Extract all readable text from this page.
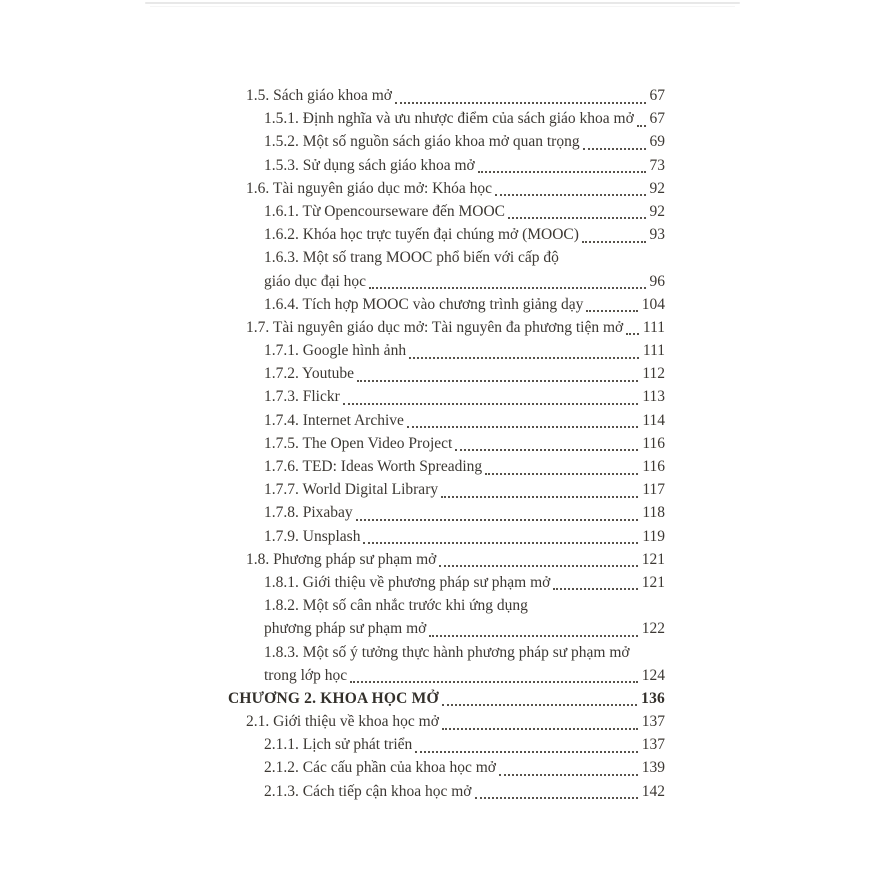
1.5. Sách giáo khoa mở	67
1.5.1. Định nghĩa và ưu nhược điểm của sách giáo khoa mở 67
1.5.2. Một số nguồn sách giáo khoa mở quan trọng	69
1.5.3. Sử dụng sách giáo khoa mở	73
1.6. Tài nguyên giáo dục mở: Khóa học	92
1.6.1. Từ Opencourseware đến MOOC	92
1.6.2. Khóa học trực tuyến đại chúng mở (MOOC)	93
1.6.3. Một số trang MOOC phổ biến với cấp độ
giáo dục đại học	96
1.6.4. Tích hợp MOOC vào chương trình giảng dạy	104
1.7. Tài nguyên giáo dục mở: Tài nguyên đa phương tiện mở 111
1.7.1. Google hình ảnh	111
1.7.2. Youtube	112
1.7.3. Flickr	113
1.7.4. Internet Archive	114
1.7.5. The Open Video Project	116
1.7.6. TED: Ideas Worth Spreading	116
1.7.7. World Digital Library	117
1.7.8. Pixabay	118
1.7.9. Unsplash	119
1.8. Phương pháp sư phạm mở	121
1.8.1. Giới thiệu về phương pháp sư phạm mở	121
1.8.2. Một số cân nhắc trước khi ứng dụng
phương pháp sư phạm mở	122
1.8.3. Một số ý tưởng thực hành phương pháp sư phạm mở
trong lớp học	124
CHƯƠNG 2. KHOA HỌC MỞ	136
2.1. Giới thiệu về khoa học mở	137
2.1.1. Lịch sử phát triển	137
2.1.2. Các cấu phần của khoa học mở	139
2.1.3. Cách tiếp cận khoa học mở	142
